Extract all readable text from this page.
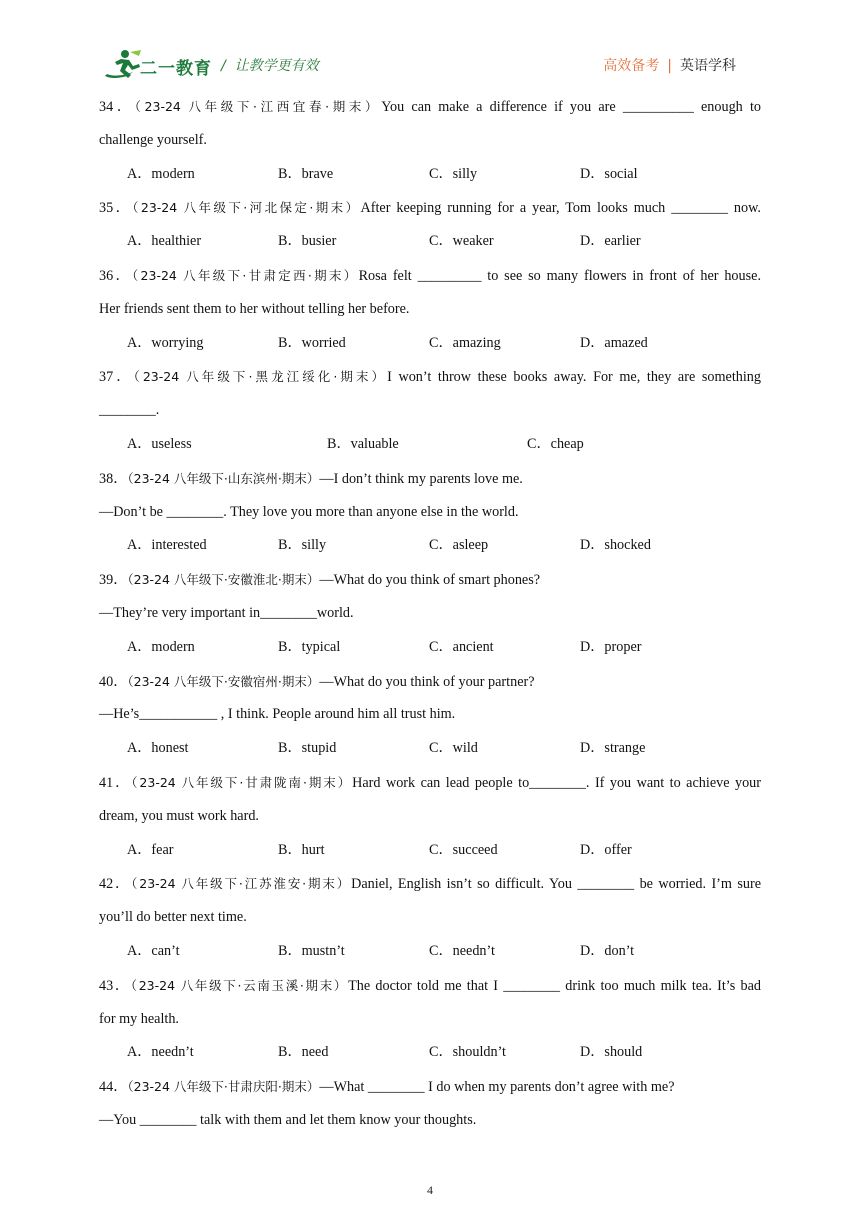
二一教育 /  让教学更有效	高效备考 | 英语学科
34．（23-24 八年级下·江西宜春·期末）You can make a difference if you are __________ enough to
challenge yourself.
A．modern	B．brave	C．silly	D．social
35．（23-24 八年级下·河北保定·期末）After keeping running for a year, Tom looks much ________ now.
A．healthier	B．busier	C．weaker	D．earlier
36．（23-24 八年级下·甘肃定西·期末）Rosa felt _________ to see so many flowers in front of her house.
Her friends sent them to her without telling her before.
A．worrying	B．worried	C．amazing	D．amazed
37．（23-24 八年级下·黑龙江绥化·期末）I won’t throw these books away. For me, they are something
________.
A．useless	B．valuable	C．cheap
38．（23-24 八年级下·山东滨州·期末）—I don’t think my parents love me.
—Don’t be ________. They love you more than anyone else in the world.
A．interested	B．silly	C．asleep	D．shocked
39．（23-24 八年级下·安徽淮北·期末）—What do you think of smart phones?
—They’re very important in________world.
A．modern	B．typical	C．ancient	D．proper
40．（23-24 八年级下·安徽宿州·期末）—What do you think of your partner?
—He’s___________ , I think. People around him all trust him.
A．honest	B．stupid	C．wild	D．strange
41．（23-24 八年级下·甘肃陇南·期末）Hard work can lead people to________. If you want to achieve your
dream, you must work hard.
A．fear	B．hurt	C．succeed	D．offer
42．（23-24 八年级下·江苏淮安·期末）Daniel, English isn’t so difficult. You ________ be worried. I’m sure
you’ll do better next time.
A．can’t	B．mustn’t	C．needn’t	D．don’t
43．（23-24 八年级下·云南玉溪·期末）The doctor told me that I ________ drink too much milk tea. It’s bad
for my health.
A．needn’t	B．need	C．shouldn’t	D．should
44．（23-24 八年级下·甘肃庆阳·期末）—What ________ I do when my parents don’t agree with me?
—You ________ talk with them and let them know your thoughts.
4
